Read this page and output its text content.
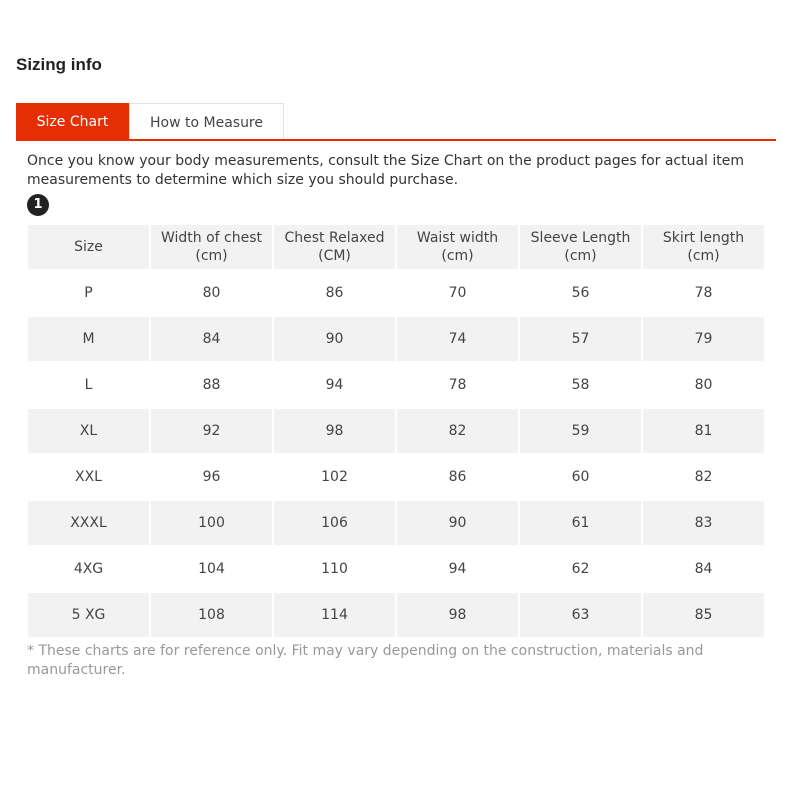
Sizing info
Size Chart	How to Measure

Once you know your body measurements, consult the Size Chart on the product pages for actual item measurements to determine which size you should purchase.

1
Size	Width of chest (cm)	Chest Relaxed (CM)	Waist width (cm)	Sleeve Length (cm)	Skirt length (cm)
P	80	86	70	56	78
M	84	90	74	57	79
L	88	94	78	58	80
XL	92	98	82	59	81
XXL	96	102	86	60	82
XXXL	100	106	90	61	83
4XG	104	110	94	62	84
5 XG	108	114	98	63	85

* These charts are for reference only. Fit may vary depending on the construction, materials and manufacturer.
